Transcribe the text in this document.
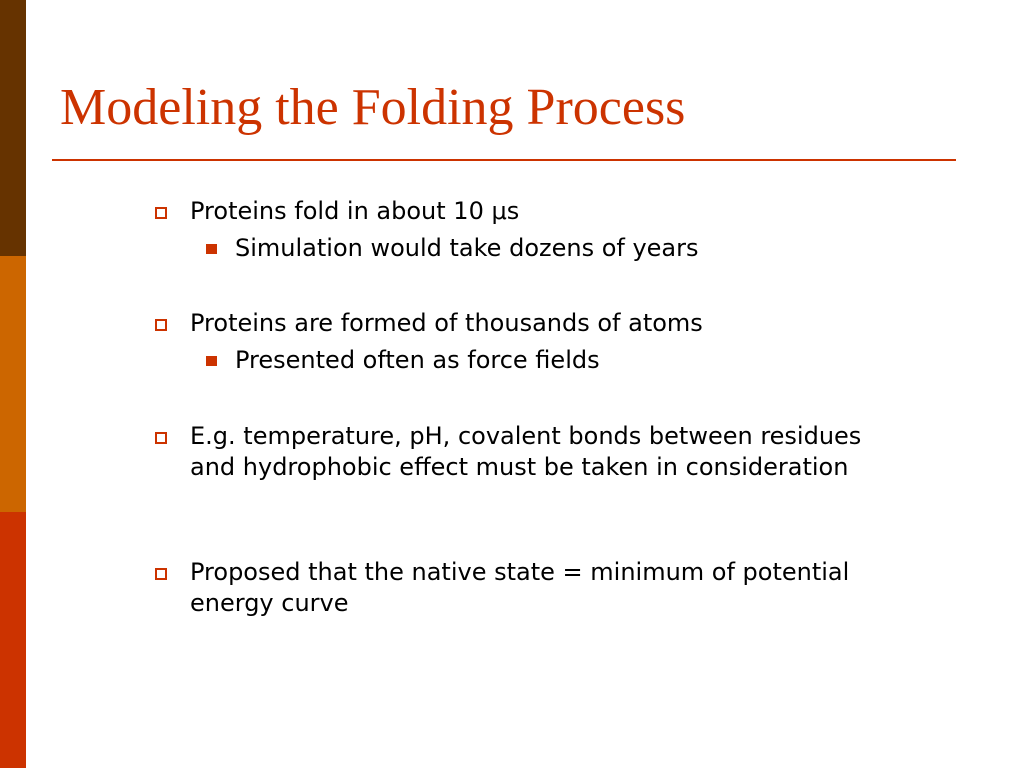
Modeling the Folding Process
Proteins fold in about 10 μs
Simulation would take dozens of years
Proteins are formed of thousands of atoms
Presented often as force fields
E.g. temperature, pH, covalent bonds between residues and hydrophobic effect must be taken in consideration
Proposed that the native state = minimum of potential energy curve
